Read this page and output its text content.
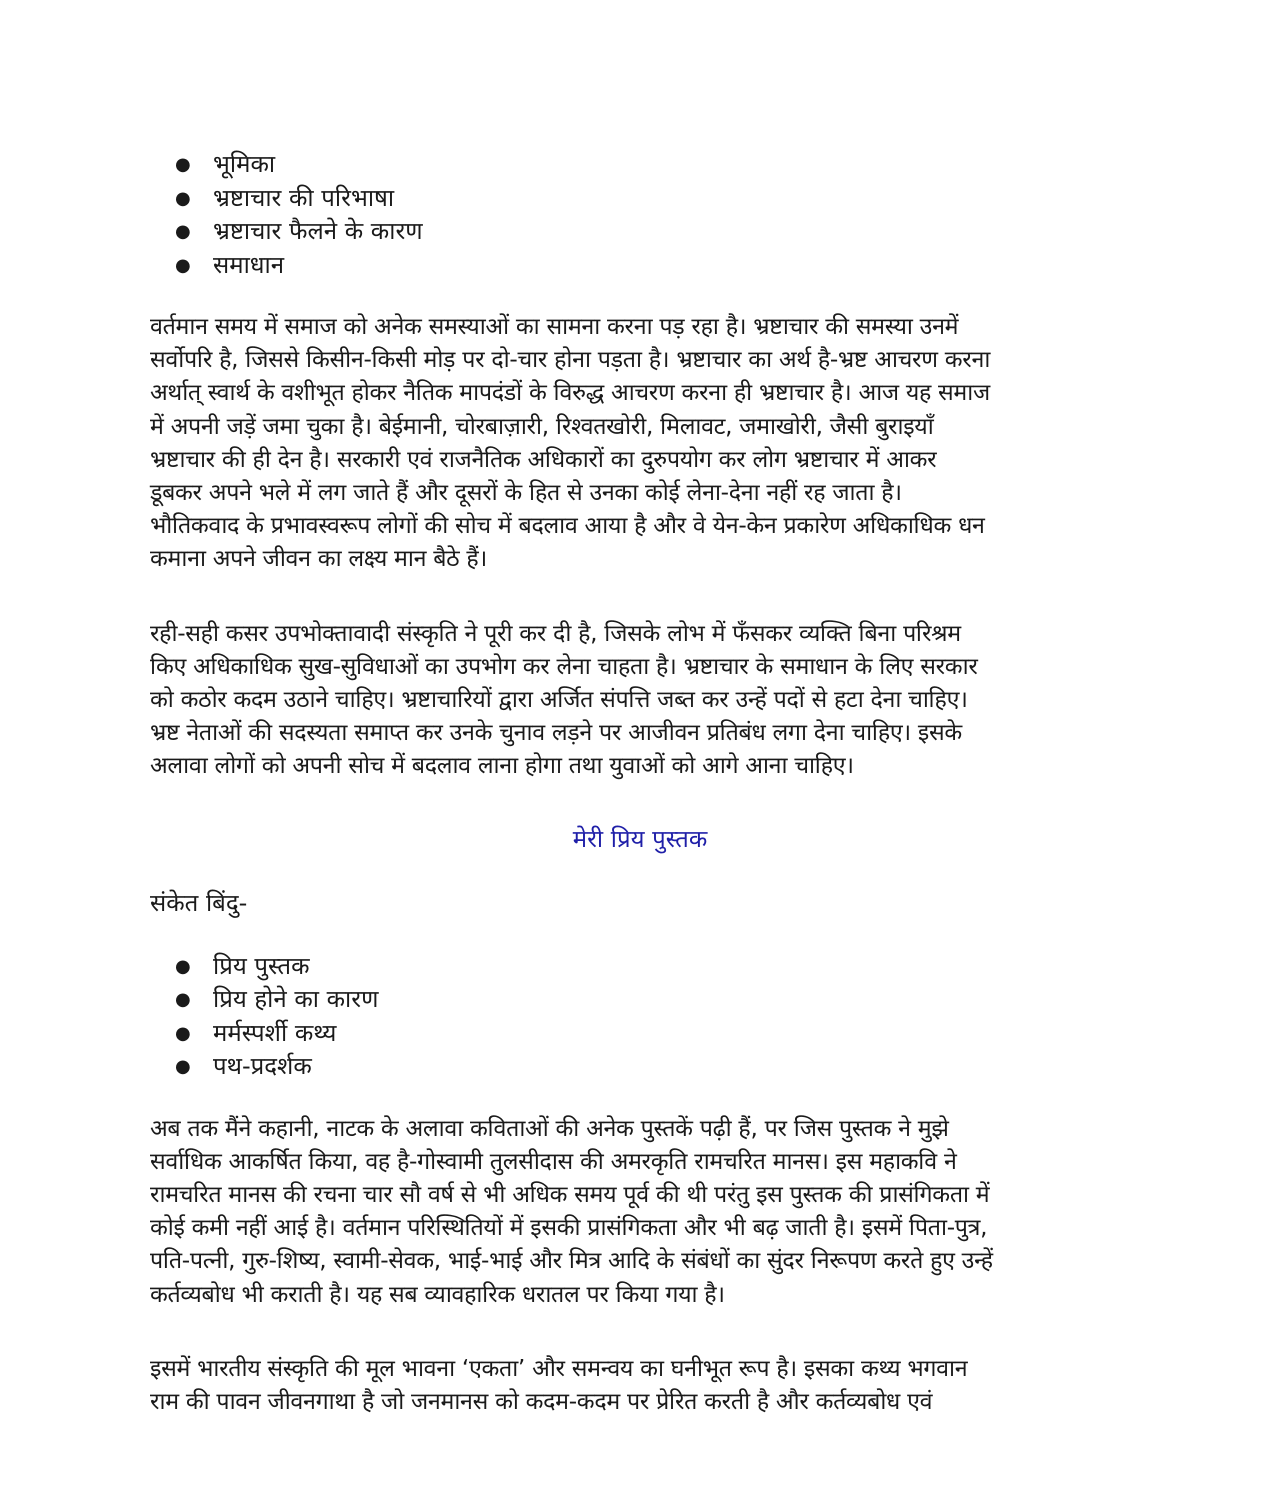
● भूमिका
● भ्रष्टाचार की परिभाषा
● भ्रष्टाचार फैलने के कारण
● समाधान

वर्तमान समय में समाज को अनेक समस्याओं का सामना करना पड़ रहा है। भ्रष्टाचार की समस्या उनमें
सर्वोपरि है, जिससे किसीन-किसी मोड़ पर दो-चार होना पड़ता है। भ्रष्टाचार का अर्थ है-भ्रष्ट आचरण करना
अर्थात् स्वार्थ के वशीभूत होकर नैतिक मापदंडों के विरुद्ध आचरण करना ही भ्रष्टाचार है। आज यह समाज
में अपनी जड़ें जमा चुका है। बेईमानी, चोरबाज़ारी, रिश्वतखोरी, मिलावट, जमाखोरी, जैसी बुराइयाँ
भ्रष्टाचार की ही देन है। सरकारी एवं राजनैतिक अधिकारों का दुरुपयोग कर लोग भ्रष्टाचार में आकर
डूबकर अपने भले में लग जाते हैं और दूसरों के हित से उनका कोई लेना-देना नहीं रह जाता है।
भौतिकवाद के प्रभावस्वरूप लोगों की सोच में बदलाव आया है और वे येन-केन प्रकारेण अधिकाधिक धन
कमाना अपने जीवन का लक्ष्य मान बैठे हैं।

रही-सही कसर उपभोक्तावादी संस्कृति ने पूरी कर दी है, जिसके लोभ में फँसकर व्यक्ति बिना परिश्रम
किए अधिकाधिक सुख-सुविधाओं का उपभोग कर लेना चाहता है। भ्रष्टाचार के समाधान के लिए सरकार
को कठोर कदम उठाने चाहिए। भ्रष्टाचारियों द्वारा अर्जित संपत्ति जब्त कर उन्हें पदों से हटा देना चाहिए।
भ्रष्ट नेताओं की सदस्यता समाप्त कर उनके चुनाव लड़ने पर आजीवन प्रतिबंध लगा देना चाहिए। इसके
अलावा लोगों को अपनी सोच में बदलाव लाना होगा तथा युवाओं को आगे आना चाहिए।

मेरी प्रिय पुस्तक

संकेत बिंदु-

● प्रिय पुस्तक
● प्रिय होने का कारण
● मर्मस्पर्शी कथ्य
● पथ-प्रदर्शक

अब तक मैंने कहानी, नाटक के अलावा कविताओं की अनेक पुस्तकें पढ़ी हैं, पर जिस पुस्तक ने मुझे
सर्वाधिक आकर्षित किया, वह है-गोस्वामी तुलसीदास की अमरकृति रामचरित मानस। इस महाकवि ने
रामचरित मानस की रचना चार सौ वर्ष से भी अधिक समय पूर्व की थी परंतु इस पुस्तक की प्रासंगिकता में
कोई कमी नहीं आई है। वर्तमान परिस्थितियों में इसकी प्रासंगिकता और भी बढ़ जाती है। इसमें पिता-पुत्र,
पति-पत्नी, गुरु-शिष्य, स्वामी-सेवक, भाई-भाई और मित्र आदि के संबंधों का सुंदर निरूपण करते हुए उन्हें
कर्तव्यबोध भी कराती है। यह सब व्यावहारिक धरातल पर किया गया है।

इसमें भारतीय संस्कृति की मूल भावना ‘एकता’ और समन्वय का घनीभूत रूप है। इसका कथ्य भगवान
राम की पावन जीवनगाथा है जो जनमानस को कदम-कदम पर प्रेरित करती है और कर्तव्यबोध एवं
